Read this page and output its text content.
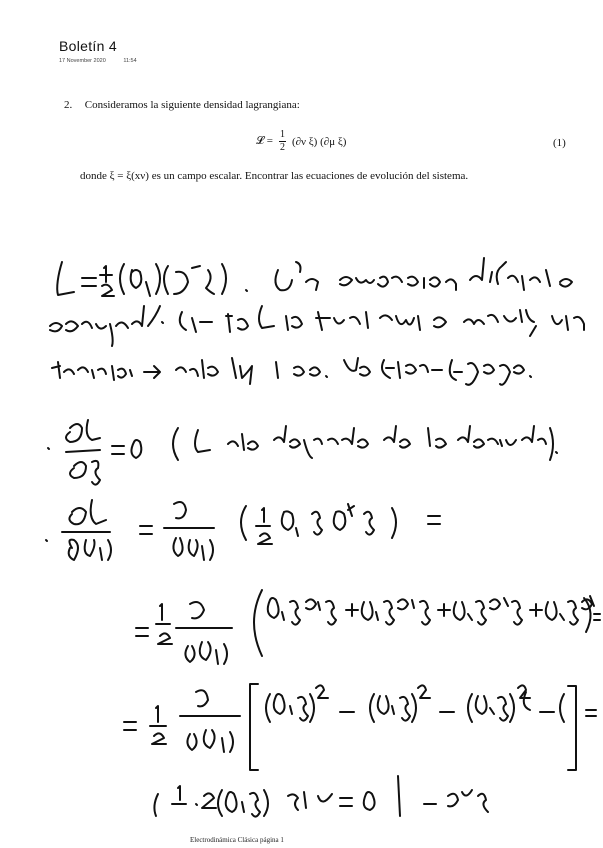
Boletín 4
17 November 2020	11:54
2. Consideramos la siguiente densidad lagrangiana:
𝓛 = $\frac{1}{2} (\partial\nu$ ξ) (∂μ ξ)	(1)
donde ξ = ξ(xν) es un campo escalar. Encontrar las ecuaciones de evolución del sistema.
Electrodinámica Clásica página 1
